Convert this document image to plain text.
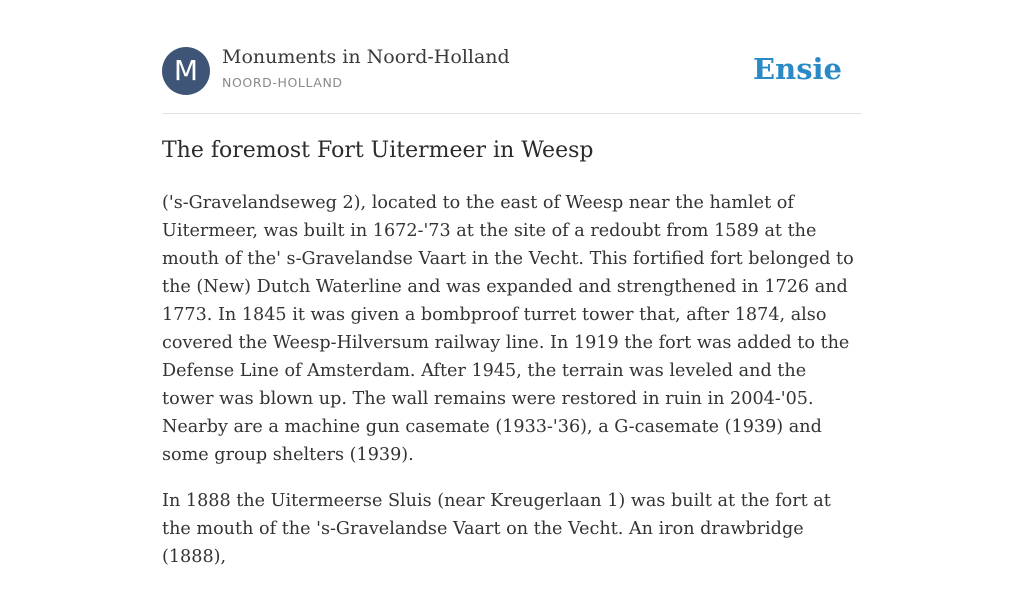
M	Monuments in Noord-Holland
NOORD-HOLLAND	Ensie
The foremost Fort Uitermeer in Weesp

('s-Gravelandseweg 2), located to the east of Weesp near the hamlet of Uitermeer, was built in 1672-'73 at the site of a redoubt from 1589 at the mouth of the' s-Gravelandse Vaart in the Vecht. This fortified fort belonged to the (New) Dutch Waterline and was expanded and strengthened in 1726 and 1773. In 1845 it was given a bombproof turret tower that, after 1874, also covered the Weesp-Hilversum railway line. In 1919 the fort was added to the Defense Line of Amsterdam. After 1945, the terrain was leveled and the tower was blown up. The wall remains were restored in ruin in 2004-'05. Nearby are a machine gun casemate (1933-'36), a G-casemate (1939) and some group shelters (1939).

In 1888 the Uitermeerse Sluis (near Kreugerlaan 1) was built at the fort at the mouth of the 's-Gravelandse Vaart on the Vecht. An iron drawbridge (1888),
